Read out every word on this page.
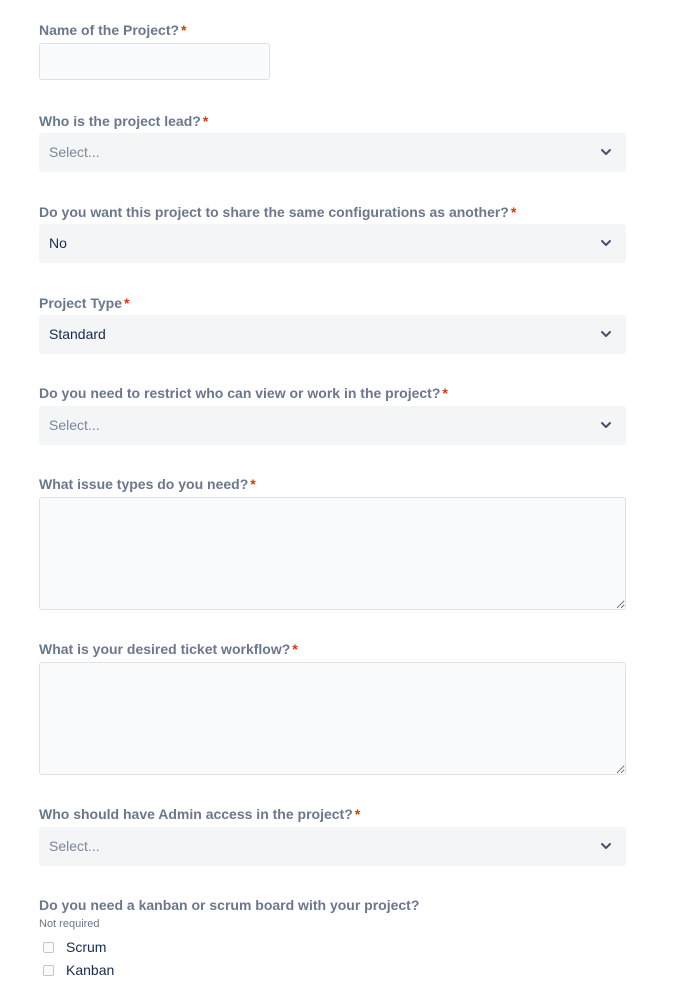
Name of the Project? *
Who is the project lead? *
Select...
Do you want this project to share the same configurations as another? *
No
Project Type *
Standard
Do you need to restrict who can view or work in the project? *
Select...
What issue types do you need? *
What is your desired ticket workflow? *
Who should have Admin access in the project? *
Select...
Do you need a kanban or scrum board with your project?
Not required
Scrum
Kanban
